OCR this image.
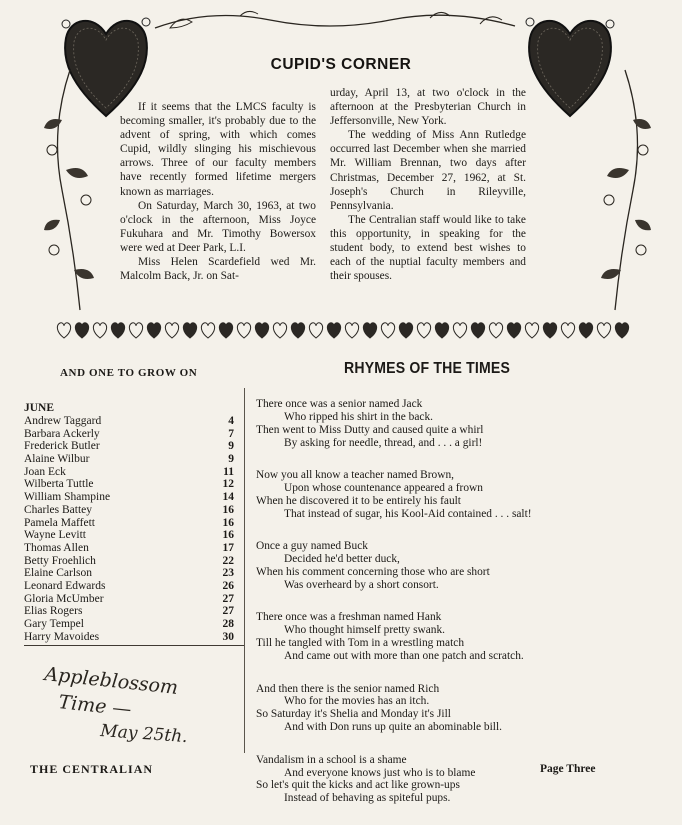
CUPID'S CORNER

If it seems that the LMCS faculty is becoming smaller, it's probably due to the advent of spring, with which comes Cupid, wildly slinging his mischievous arrows. Three of our faculty members have recently formed lifetime mergers known as marriages.

On Saturday, March 30, 1963, at two o'clock in the afternoon, Miss Joyce Fukuhara and Mr. Timothy Bowersox were wed at Deer Park, L.I.

Miss Helen Scardefield wed Mr. Malcolm Back, Jr. on Sat-

urday, April 13, at two o'clock in the afternoon at the Presbyterian Church in Jeffersonville, New York.

The wedding of Miss Ann Rutledge occurred last December when she married Mr. William Brennan, two days after Christmas, December 27, 1962, at St. Joseph's Church in Rileyville, Pennsylvania.

The Centralian staff would like to take this opportunity, in speaking for the student body, to extend best wishes to each of the nuptial faculty members and their spouses.

AND ONE TO GROW ON	RHYMES OF THE TIMES
JUNE
Andrew Taggard	4
Barbara Ackerly	7
Frederick Butler	9
Alaine Wilbur	9
Joan Eck	11
Wilberta Tuttle	12
William Shampine	14
Charles Battey	16
Pamela Maffett	16
Wayne Levitt	16
Thomas Allen	17
Betty Froehlich	22
Elaine Carlson	23
Leonard Edwards	26
Gloria McUmber	27
Elias Rogers	27
Gary Tempel	28
Harry Mavoides	30
Appleblossom
Time —
May 25th.
There once was a senior named Jack
Who ripped his shirt in the back.
Then went to Miss Dutty and caused quite a whirl
By asking for needle, thread, and . . . a girl!
Now you all know a teacher named Brown,
Upon whose countenance appeared a frown
When he discovered it to be entirely his fault
That instead of sugar, his Kool-Aid contained . . . salt!
Once a guy named Buck
Decided he'd better duck,
When his comment concerning those who are short
Was overheard by a short consort.
There once was a freshman named Hank
Who thought himself pretty swank.
Till he tangled with Tom in a wrestling match
And came out with more than one patch and scratch.
And then there is the senior named Rich
Who for the movies has an itch.
So Saturday it's Shelia and Monday it's Jill
And with Don runs up quite an abominable bill.
Vandalism in a school is a shame
And everyone knows just who is to blame
So let's quit the kicks and act like grown-ups
Instead of behaving as spiteful pups.
THE CENTRALIAN	Page Three
